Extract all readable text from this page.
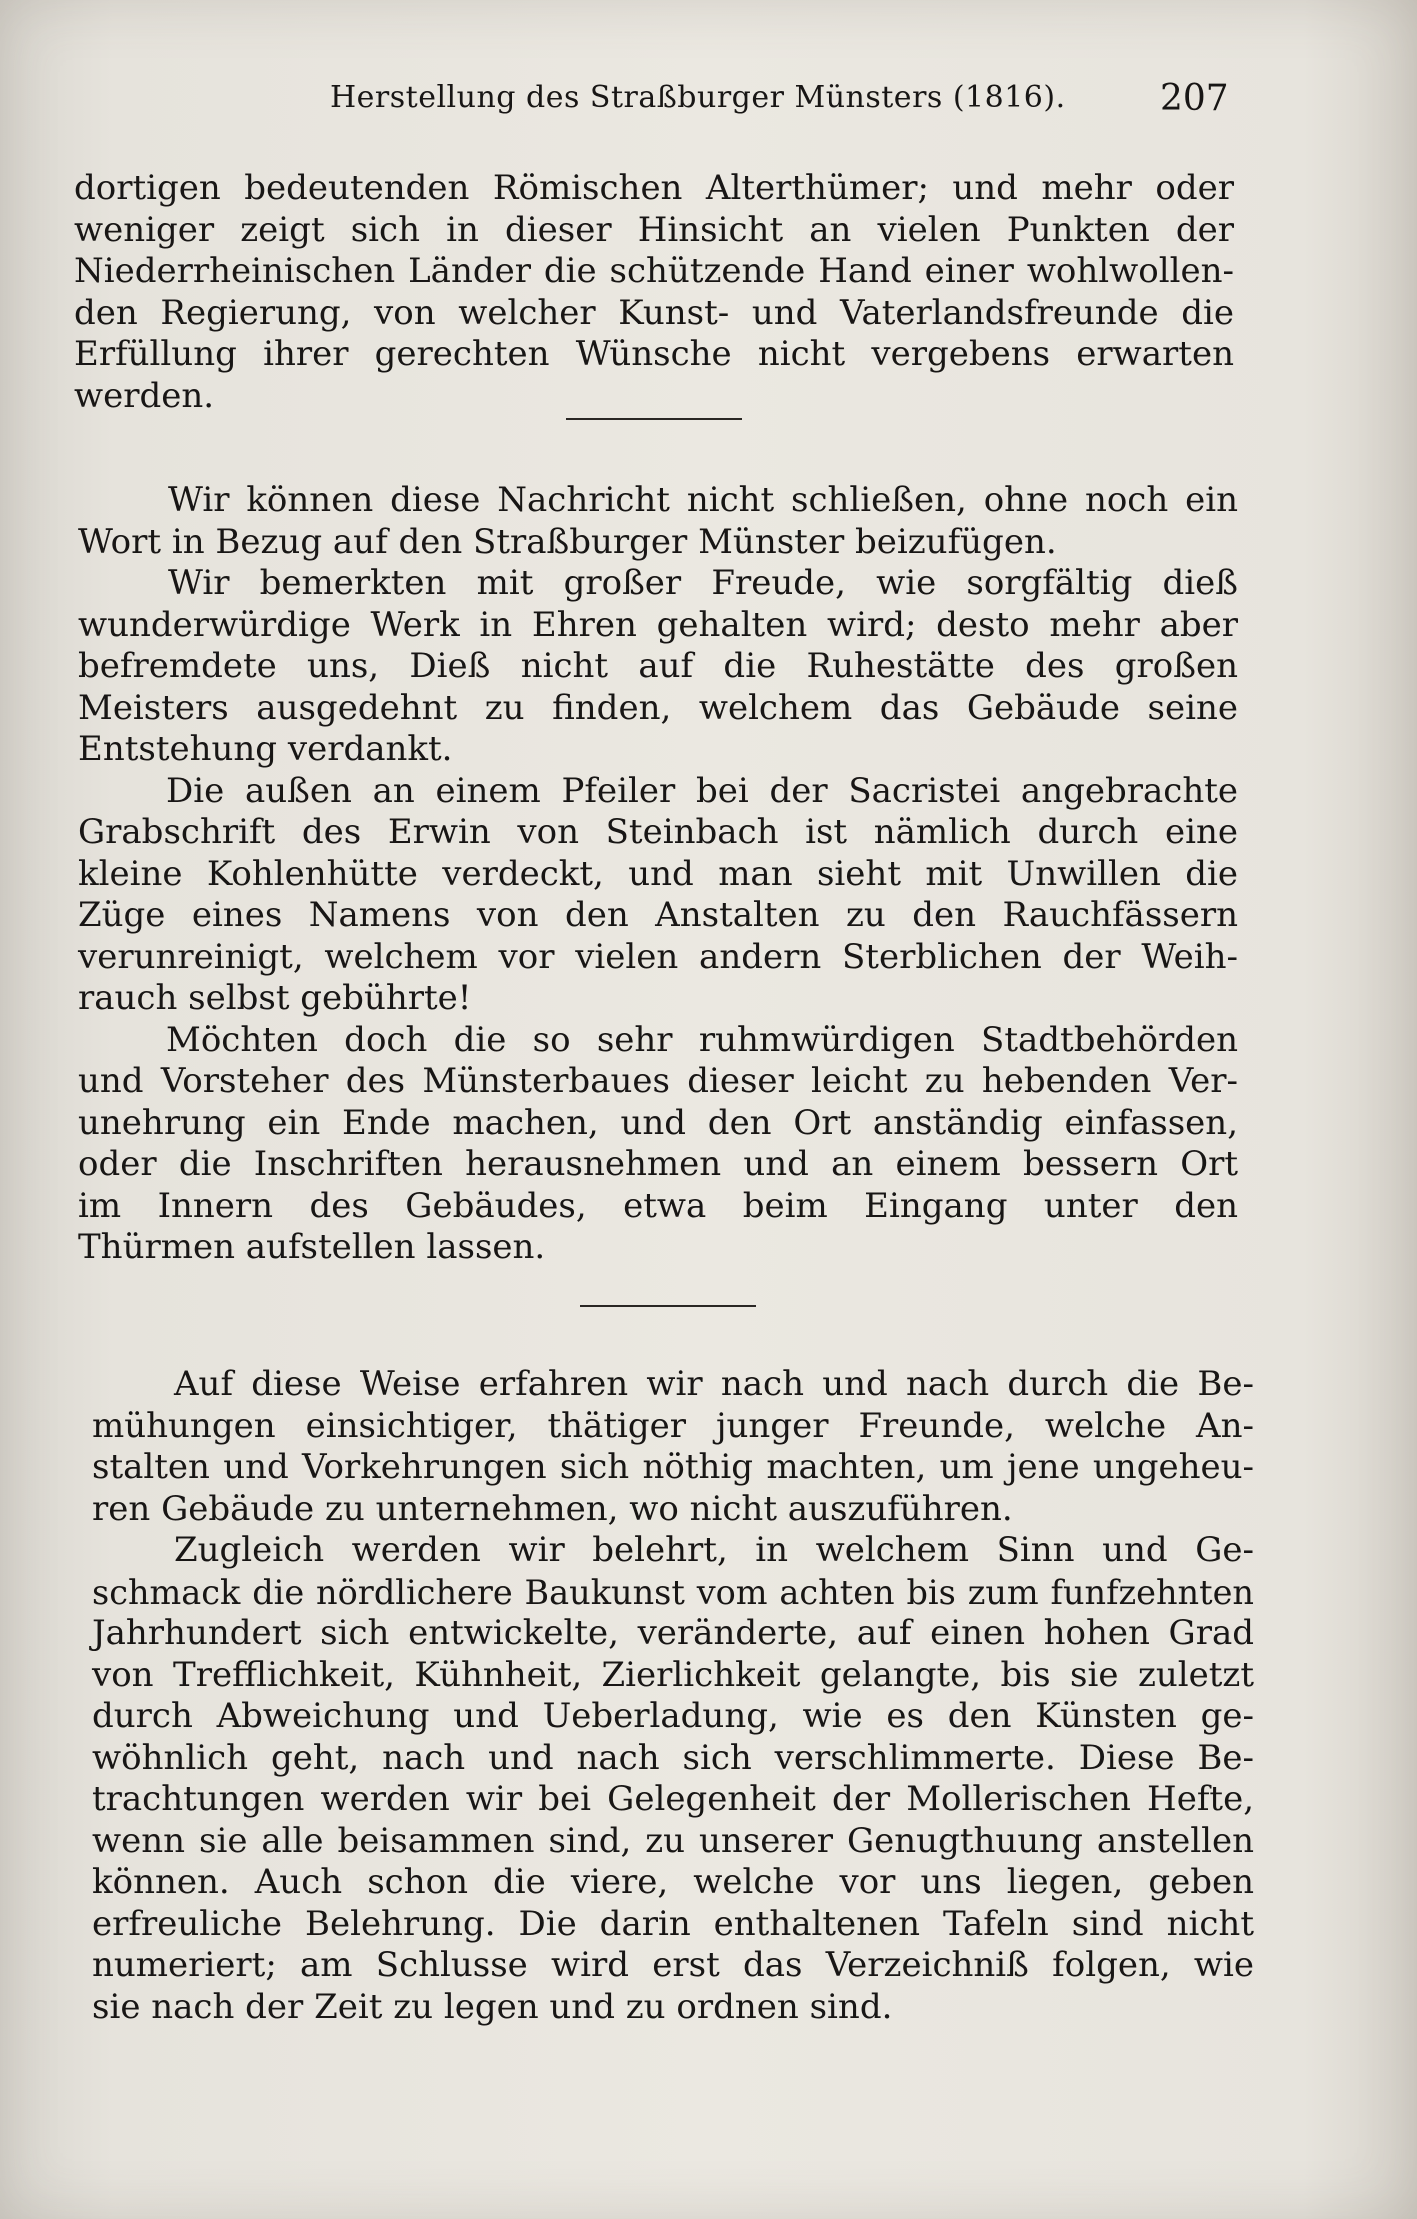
Herstellung des Straßburger Münsters (1816).	207
dortigen bedeutenden Römischen Alterthümer; und mehr oder
weniger zeigt sich in dieser Hinsicht an vielen Punkten der
Niederrheinischen Länder die schützende Hand einer wohlwollen-
den Regierung, von welcher Kunst- und Vaterlandsfreunde die
Erfüllung ihrer gerechten Wünsche nicht vergebens erwarten
werden.
Wir können diese Nachricht nicht schließen, ohne noch ein
Wort in Bezug auf den Straßburger Münster beizufügen.
Wir bemerkten mit großer Freude, wie sorgfältig dieß
wunderwürdige Werk in Ehren gehalten wird; desto mehr aber
befremdete uns, Dieß nicht auf die Ruhestätte des großen
Meisters ausgedehnt zu finden, welchem das Gebäude seine
Entstehung verdankt.
Die außen an einem Pfeiler bei der Sacristei angebrachte
Grabschrift des Erwin von Steinbach ist nämlich durch eine
kleine Kohlenhütte verdeckt, und man sieht mit Unwillen die
Züge eines Namens von den Anstalten zu den Rauchfässern
verunreinigt, welchem vor vielen andern Sterblichen der Weih-
rauch selbst gebührte!
Möchten doch die so sehr ruhmwürdigen Stadtbehörden
und Vorsteher des Münsterbaues dieser leicht zu hebenden Ver-
unehrung ein Ende machen, und den Ort anständig einfassen,
oder die Inschriften herausnehmen und an einem bessern Ort
im Innern des Gebäudes, etwa beim Eingang unter den
Thürmen aufstellen lassen.
Auf diese Weise erfahren wir nach und nach durch die Be-
mühungen einsichtiger, thätiger junger Freunde, welche An-
stalten und Vorkehrungen sich nöthig machten, um jene ungeheu-
ren Gebäude zu unternehmen, wo nicht auszuführen.
Zugleich werden wir belehrt, in welchem Sinn und Ge-
schmack die nördlichere Baukunst vom achten bis zum funfzehnten
Jahrhundert sich entwickelte, veränderte, auf einen hohen Grad
von Trefflichkeit, Kühnheit, Zierlichkeit gelangte, bis sie zuletzt
durch Abweichung und Ueberladung, wie es den Künsten ge-
wöhnlich geht, nach und nach sich verschlimmerte. Diese Be-
trachtungen werden wir bei Gelegenheit der Mollerischen Hefte,
wenn sie alle beisammen sind, zu unserer Genugthuung anstellen
können. Auch schon die viere, welche vor uns liegen, geben
erfreuliche Belehrung. Die darin enthaltenen Tafeln sind nicht
numeriert; am Schlusse wird erst das Verzeichniß folgen, wie
sie nach der Zeit zu legen und zu ordnen sind.
